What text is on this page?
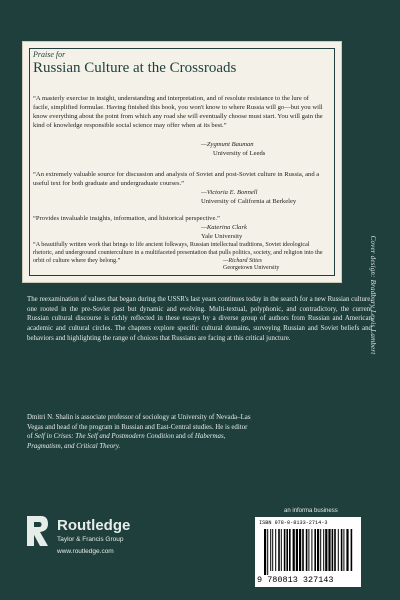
Praise for
Russian Culture at the Crossroads

“A masterly exercise in insight, understanding and interpretation, and of resolute resistance to the lure of facile, simplified formulae. Having finished this book, you won't know to where Russia will go—but you will know everything about the point from which any road she will eventually choose must start. You will gain the kind of knowledge responsible social science may offer when at its best.”

—Zygmunt Bauman
University of Leeds

“An extremely valuable source for discussion and analysis of Soviet and post-Soviet culture in Russia, and a useful text for both graduate and undergraduate courses.”

—Victoria E. Bonnell
University of California at Berkeley

“Provides invaluable insights, information, and historical perspective.”

—Katerina Clark
Yale University

“A beautifully written work that brings to life ancient folkways, Russian intellectual traditions, Soviet ideological rhetoric, and underground counterculture in a multifaceted presentation that pulls politics, society, and religion into the orbit of culture where they belong.”	—Richard Stites
Georgetown University	Cover design: Bradbury Lewis Lambert

The reexamination of values that began during the USSR's last years continues today in the search for a new Russian culture, one rooted in the pre-Soviet past but dynamic and evolving. Multi-textual, polyphonic, and contradictory, the current Russian cultural discourse is richly reflected in these essays by a diverse group of authors from Russian and American academic and cultural circles. The chapters explore specific cultural domains, surveying Russian and Soviet beliefs and behaviors and highlighting the range of choices that Russians are facing at this critical juncture.

Dmitri N. Shalin is associate professor of sociology at University of Nevada–Las Vegas and head of the program in Russian and East-Central studies. He is editor of Self in Crises: The Self and Postmodern Condition and of Habermas, Pragmatism, and Critical Theory.

Routledge
Taylor & Francis Group
www.routledge.com
an informa business
ISBN 978-0-8133-2714-3
9 780813 327143
